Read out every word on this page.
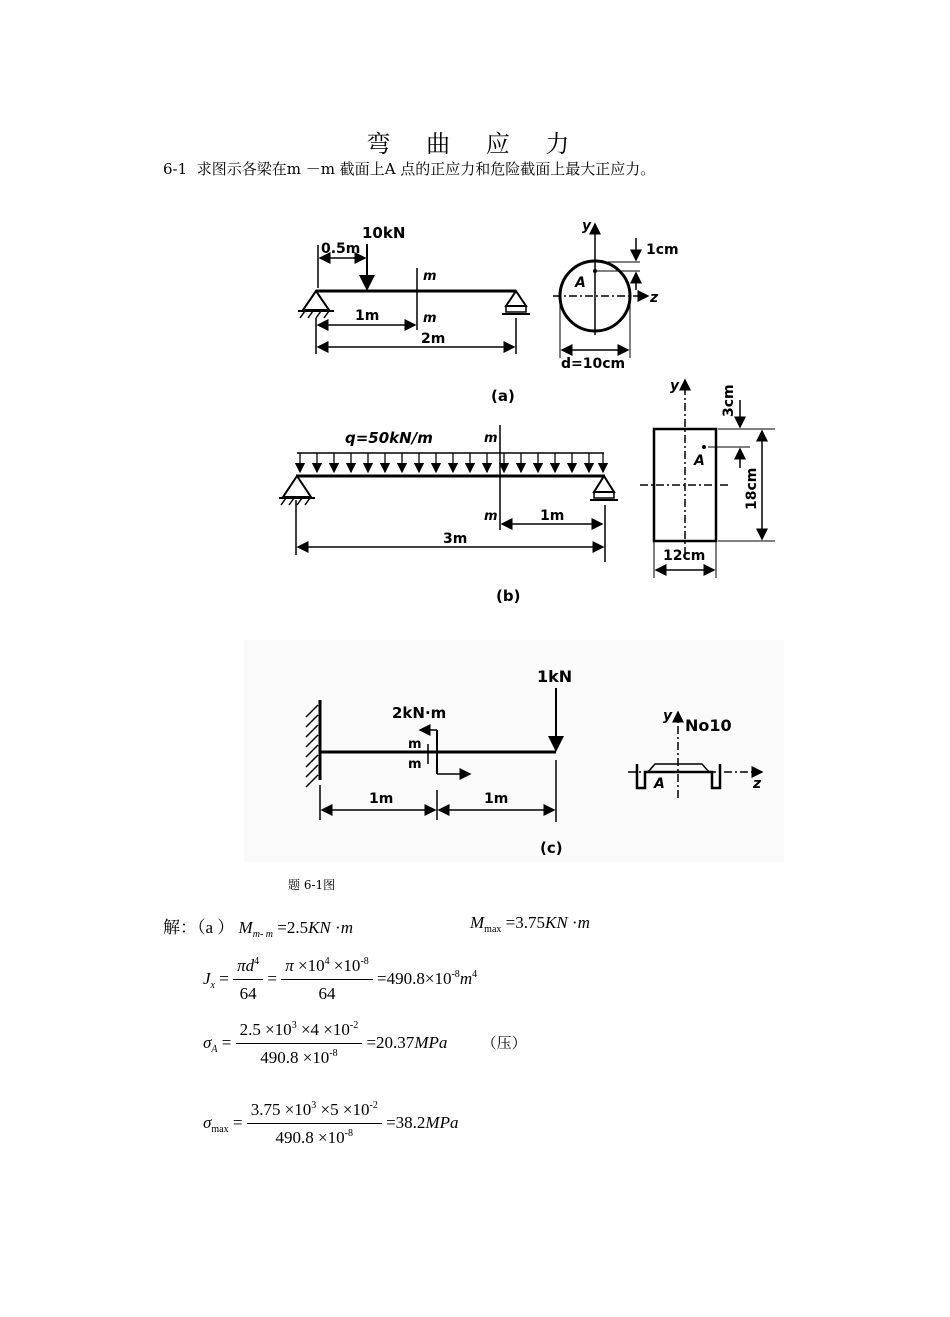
弯 曲 应 力
6-1 求图示各梁在m －m 截面上A 点的正应力和危险截面上最大正应力。
10kN
0.5m
m
m
1m
2m
y
z
A
1cm
d=10cm
(a)
q=50kN/m	m
m	1m
3m
y
A
3cm
18cm
12cm
(b)
1kN
2kN·m
m
m
1m	1m
y No10
z
A
(c)
题 6-1图
解：（a ） $M_{m- m} =2.5KN \cdot m$	$M_{max} =3.75KN \cdot m$
$J_x = \frac{\pi d^4}{64} = \frac{\pi \times 10^4 \times 10^{-8}}{64} =490.8\times 10^{-8}m^4$
$\sigma_A = \frac{2.5 \times 10^3 \times 4 \times 10^{-2}}{490.8 \times 10^{-8}} =20.37MPa$ （压）
$\sigma_{max} = \frac{3.75 \times 10^3 \times 5 \times 10^{-2}}{490.8 \times 10^{-8}} =38.2MPa$
